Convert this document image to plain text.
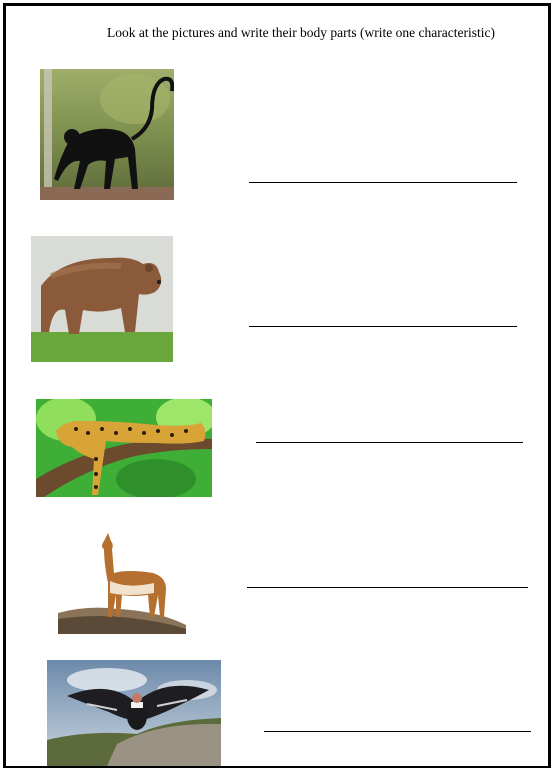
Look at the pictures and write their body parts (write one characteristic)
